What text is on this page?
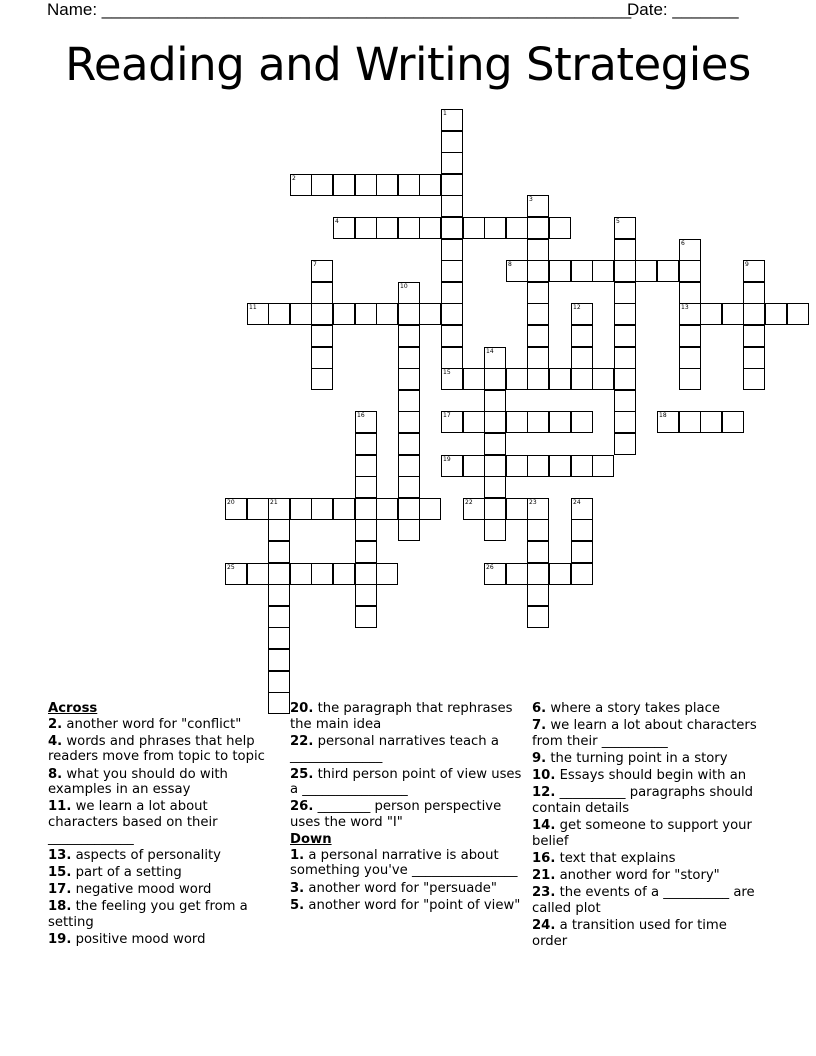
Name: ________________________________________________________
Date: _______
Reading and Writing Strategies
1
2
3
4	5
6
7	8	9
10
11	12	13
14
15
16	17	18
19
20	21	22	23	24
25	26
Across
2. another word for "conflict"
4. words and phrases that help readers move from topic to topic
8. what you should do with examples in an essay
11. we learn a lot about characters based on their _____________
13. aspects of personality
15. part of a setting
17. negative mood word
18. the feeling you get from a setting
19. positive mood word
20. the paragraph that rephrases the main idea
22. personal narratives teach a ______________
25. third person point of view uses a ________________
26. ________ person perspective uses the word "I"
Down
1. a personal narrative is about something you've ________________
3. another word for "persuade"
5. another word for "point of view"
6. where a story takes place
7. we learn a lot about characters from their __________
9. the turning point in a story
10. Essays should begin with an
12. __________ paragraphs should contain details
14. get someone to support your belief
16. text that explains
21. another word for "story"
23. the events of a __________ are called plot
24. a transition used for time order
